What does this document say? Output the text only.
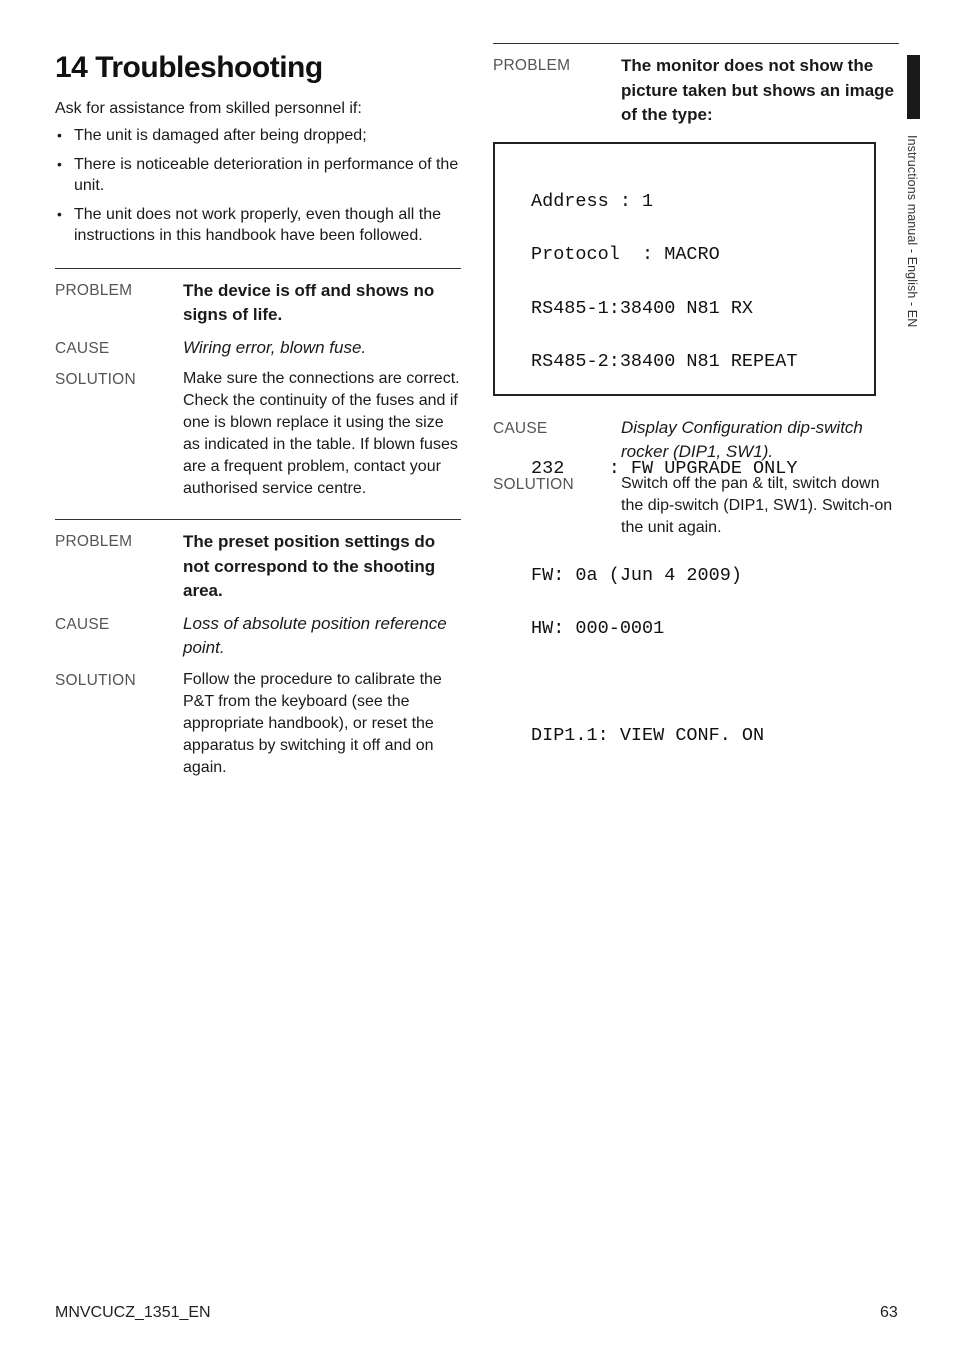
14 Troubleshooting

Ask for assistance from skilled personnel if:

• The unit is damaged after being dropped;
• There is noticeable deterioration in performance of the unit.
• The unit does not work properly, even though all the instructions in this handbook have been followed.
PROBLEM	The device is off and shows no signs of life.
CAUSE	Wiring error, blown fuse.
SOLUTION	Make sure the connections are correct. Check the continuity of the fuses and if one is blown replace it using the size as indicated in the table. If blown fuses are a frequent problem, contact your authorised service centre.
PROBLEM	The preset position settings do not correspond to the shooting area.
CAUSE	Loss of absolute position reference point.
SOLUTION	Follow the procedure to calibrate the P&T from the keyboard (see the appropriate handbook), or reset the apparatus by switching it off and on again.
PROBLEM	The monitor does not show the picture taken but shows an image of the type:

Address : 1

Protocol  : MACRO

RS485-1:38400 N81 RX

RS485-2:38400 N81 REPEAT

232    : FW UPGRADE ONLY

FW: 0a (Jun 4 2009)

HW: 000-0001

DIP1.1: VIEW CONF. ON

CAUSE	Display Configuration dip-switch rocker (DIP1, SW1).
SOLUTION	Switch off the pan & tilt, switch down the dip-switch (DIP1, SW1). Switch-on the unit again.
Instructions manual - English - EN
MNVCUCZ_1351_EN	63
